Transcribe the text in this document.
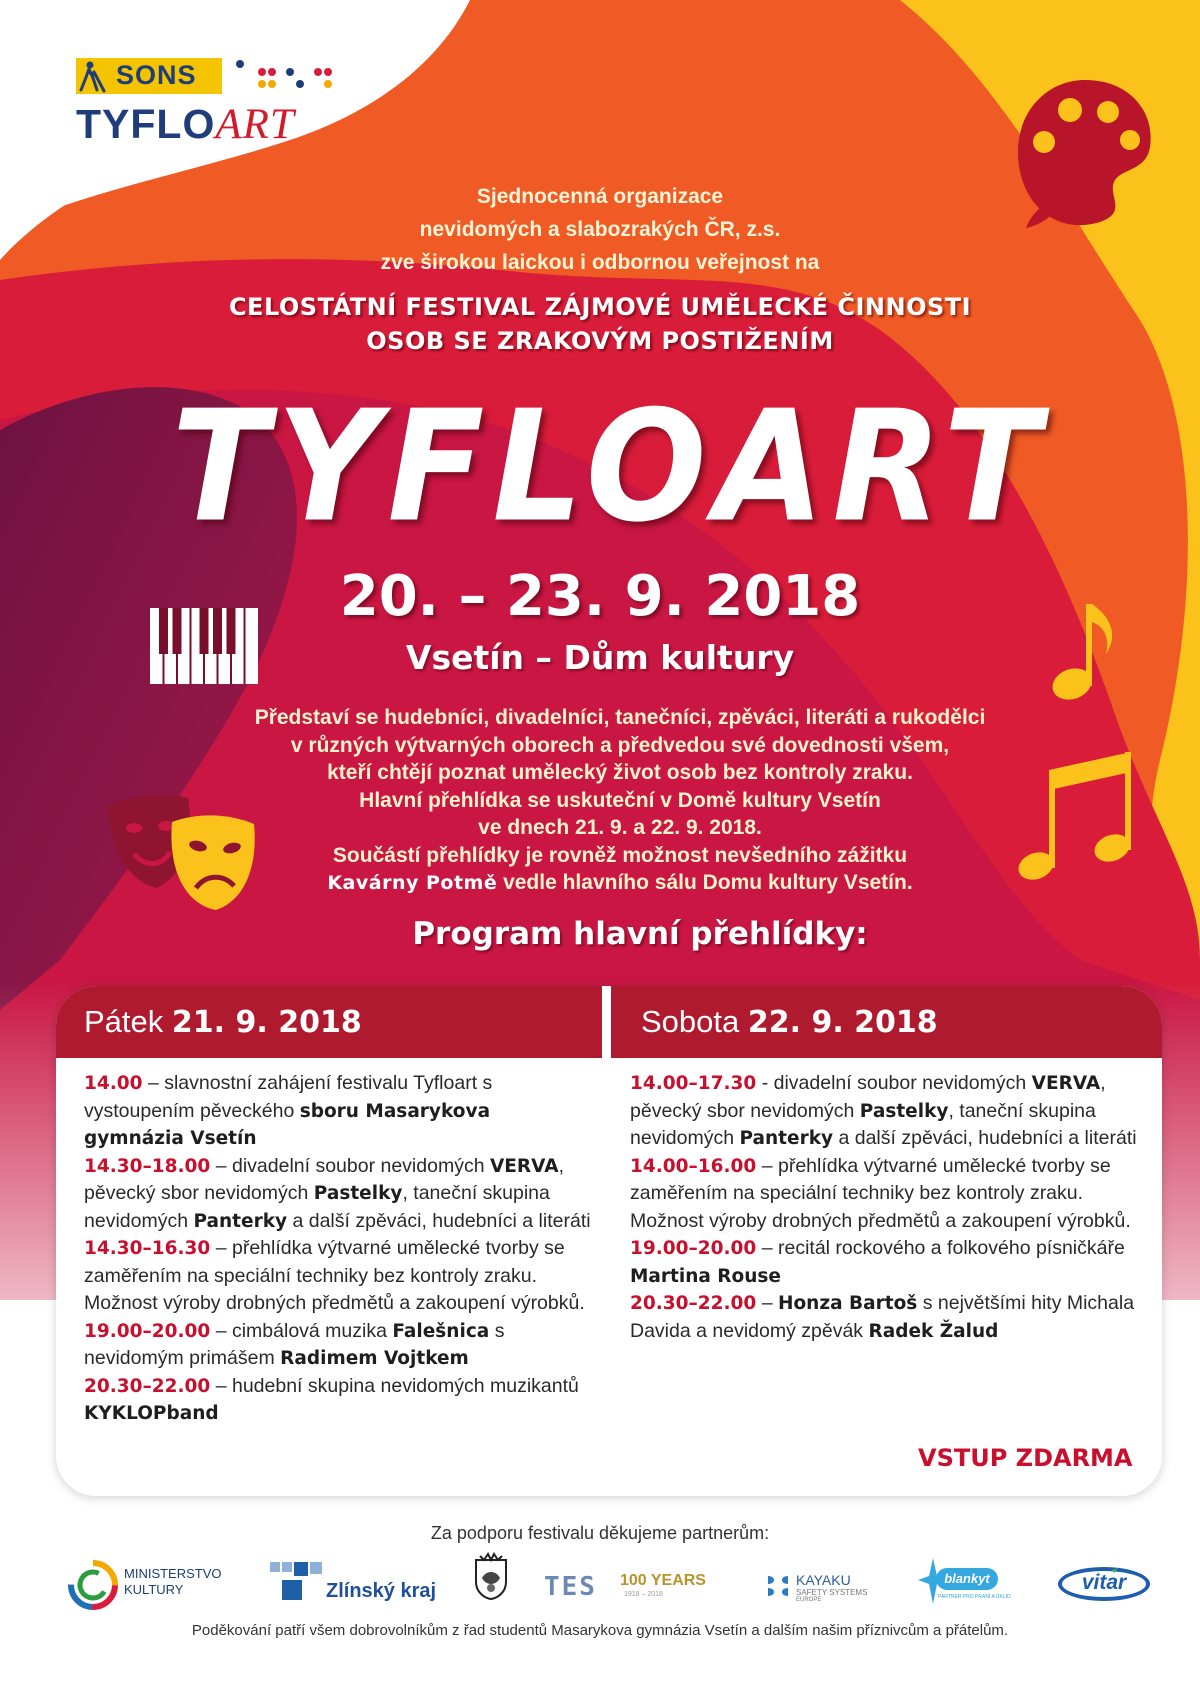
SONS
TYFLOART
Sjednocenná organizace
nevidomých a slabozrakých ČR, z.s.
zve širokou laickou i odbornou veřejnost na
CELOSTÁTNÍ FESTIVAL ZÁJMOVÉ UMĚLECKÉ ČINNOSTI
OSOB SE ZRAKOVÝM POSTIŽENÍM
TYFLOART
20. – 23. 9. 2018
Vsetín – Dům kultury
Představí se hudebníci, divadelníci, tanečníci, zpěváci, literáti a rukodělci
v různých výtvarných oborech a předvedou své dovednosti všem,
kteří chtějí poznat umělecký život osob bez kontroly zraku.
Hlavní přehlídka se uskuteční v Domě kultury Vsetín
ve dnech 21. 9. a 22. 9. 2018.
Součástí přehlídky je rovněž možnost nevšedního zážitku
Kavárny Potmě vedle hlavního sálu Domu kultury Vsetín.
Program hlavní přehlídky:
Pátek 21. 9. 2018	Sobota 22. 9. 2018

14.00 – slavnostní zahájení festivalu Tyfloart s vystoupením pěveckého sboru Masarykova gymnázia Vsetín

14.30–18.00 – divadelní soubor nevidomých VERVA, pěvecký sbor nevidomých Pastelky, taneční skupina nevidomých Panterky a další zpěváci, hudebníci a literáti

14.30–16.30 – přehlídka výtvarné umělecké tvorby se zaměřením na speciální techniky bez kontroly zraku. Možnost výroby drobných předmětů a zakoupení výrobků.

19.00–20.00 – cimbálová muzika Falešnica s nevidomým primášem Radimem Vojtkem

20.30–22.00 – hudební skupina nevidomých muzikantů KYKLOPband

14.00–17.30 - divadelní soubor nevidomých VERVA, pěvecký sbor nevidomých Pastelky, taneční skupina nevidomých Panterky a další zpěváci, hudebníci a literáti

14.00–16.00 – přehlídka výtvarné umělecké tvorby se zaměřením na speciální techniky bez kontroly zraku. Možnost výroby drobných předmětů a zakoupení výrobků.

19.00–20.00 – recitál rockového a folkového písničkáře Martina Rouse

20.30–22.00 – Honza Bartoš s největšími hity Michala Davida a nevidomý zpěvák Radek Žalud

VSTUP ZDARMA
Za podporu festivalu děkujeme partnerům:
MINISTERSTVO
KULTURY	Zlínský kraj	TES 100 YEARS
1918 – 2018
KAYAKU
SAFETY SYSTEMS
EUROPE
blankyt
PARTNER PRO PRANÍ A ÚKLID
vitar
Poděkování patří všem dobrovolníkům z řad studentů Masarykova gymnázia Vsetín a dalším našim příznivcům a přátelům.
